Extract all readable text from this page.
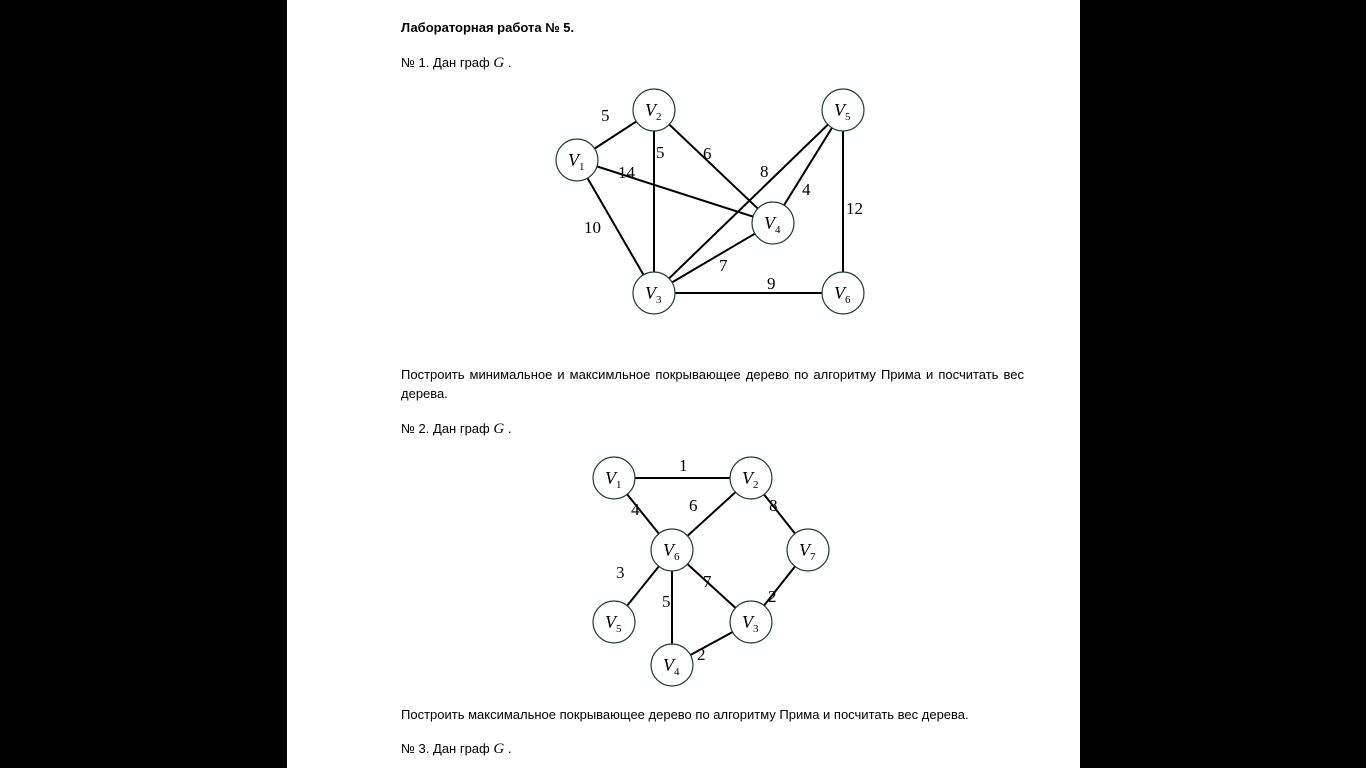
Лабораторная работа № 5.
№ 1. Дан граф G .
5
5 6
14
10
8
4
12
7
9
$V_1$
$V_2$
$V_3$
$V_4$
$V_5$
$V_6$
Построить минимальное и максимльное покрывающее дерево по алгоритму Прима и посчитать вес дерева.
№ 2. Дан граф G .
1
4	6	8
3	7
5	2
2
$V_1$	$V_2$
$V_3$
$V_4$
$V_5$
$V_6$	$V_7$
Построить максимальное покрывающее дерево по алгоритму Прима и посчитать вес дерева.
№ 3. Дан граф G .
